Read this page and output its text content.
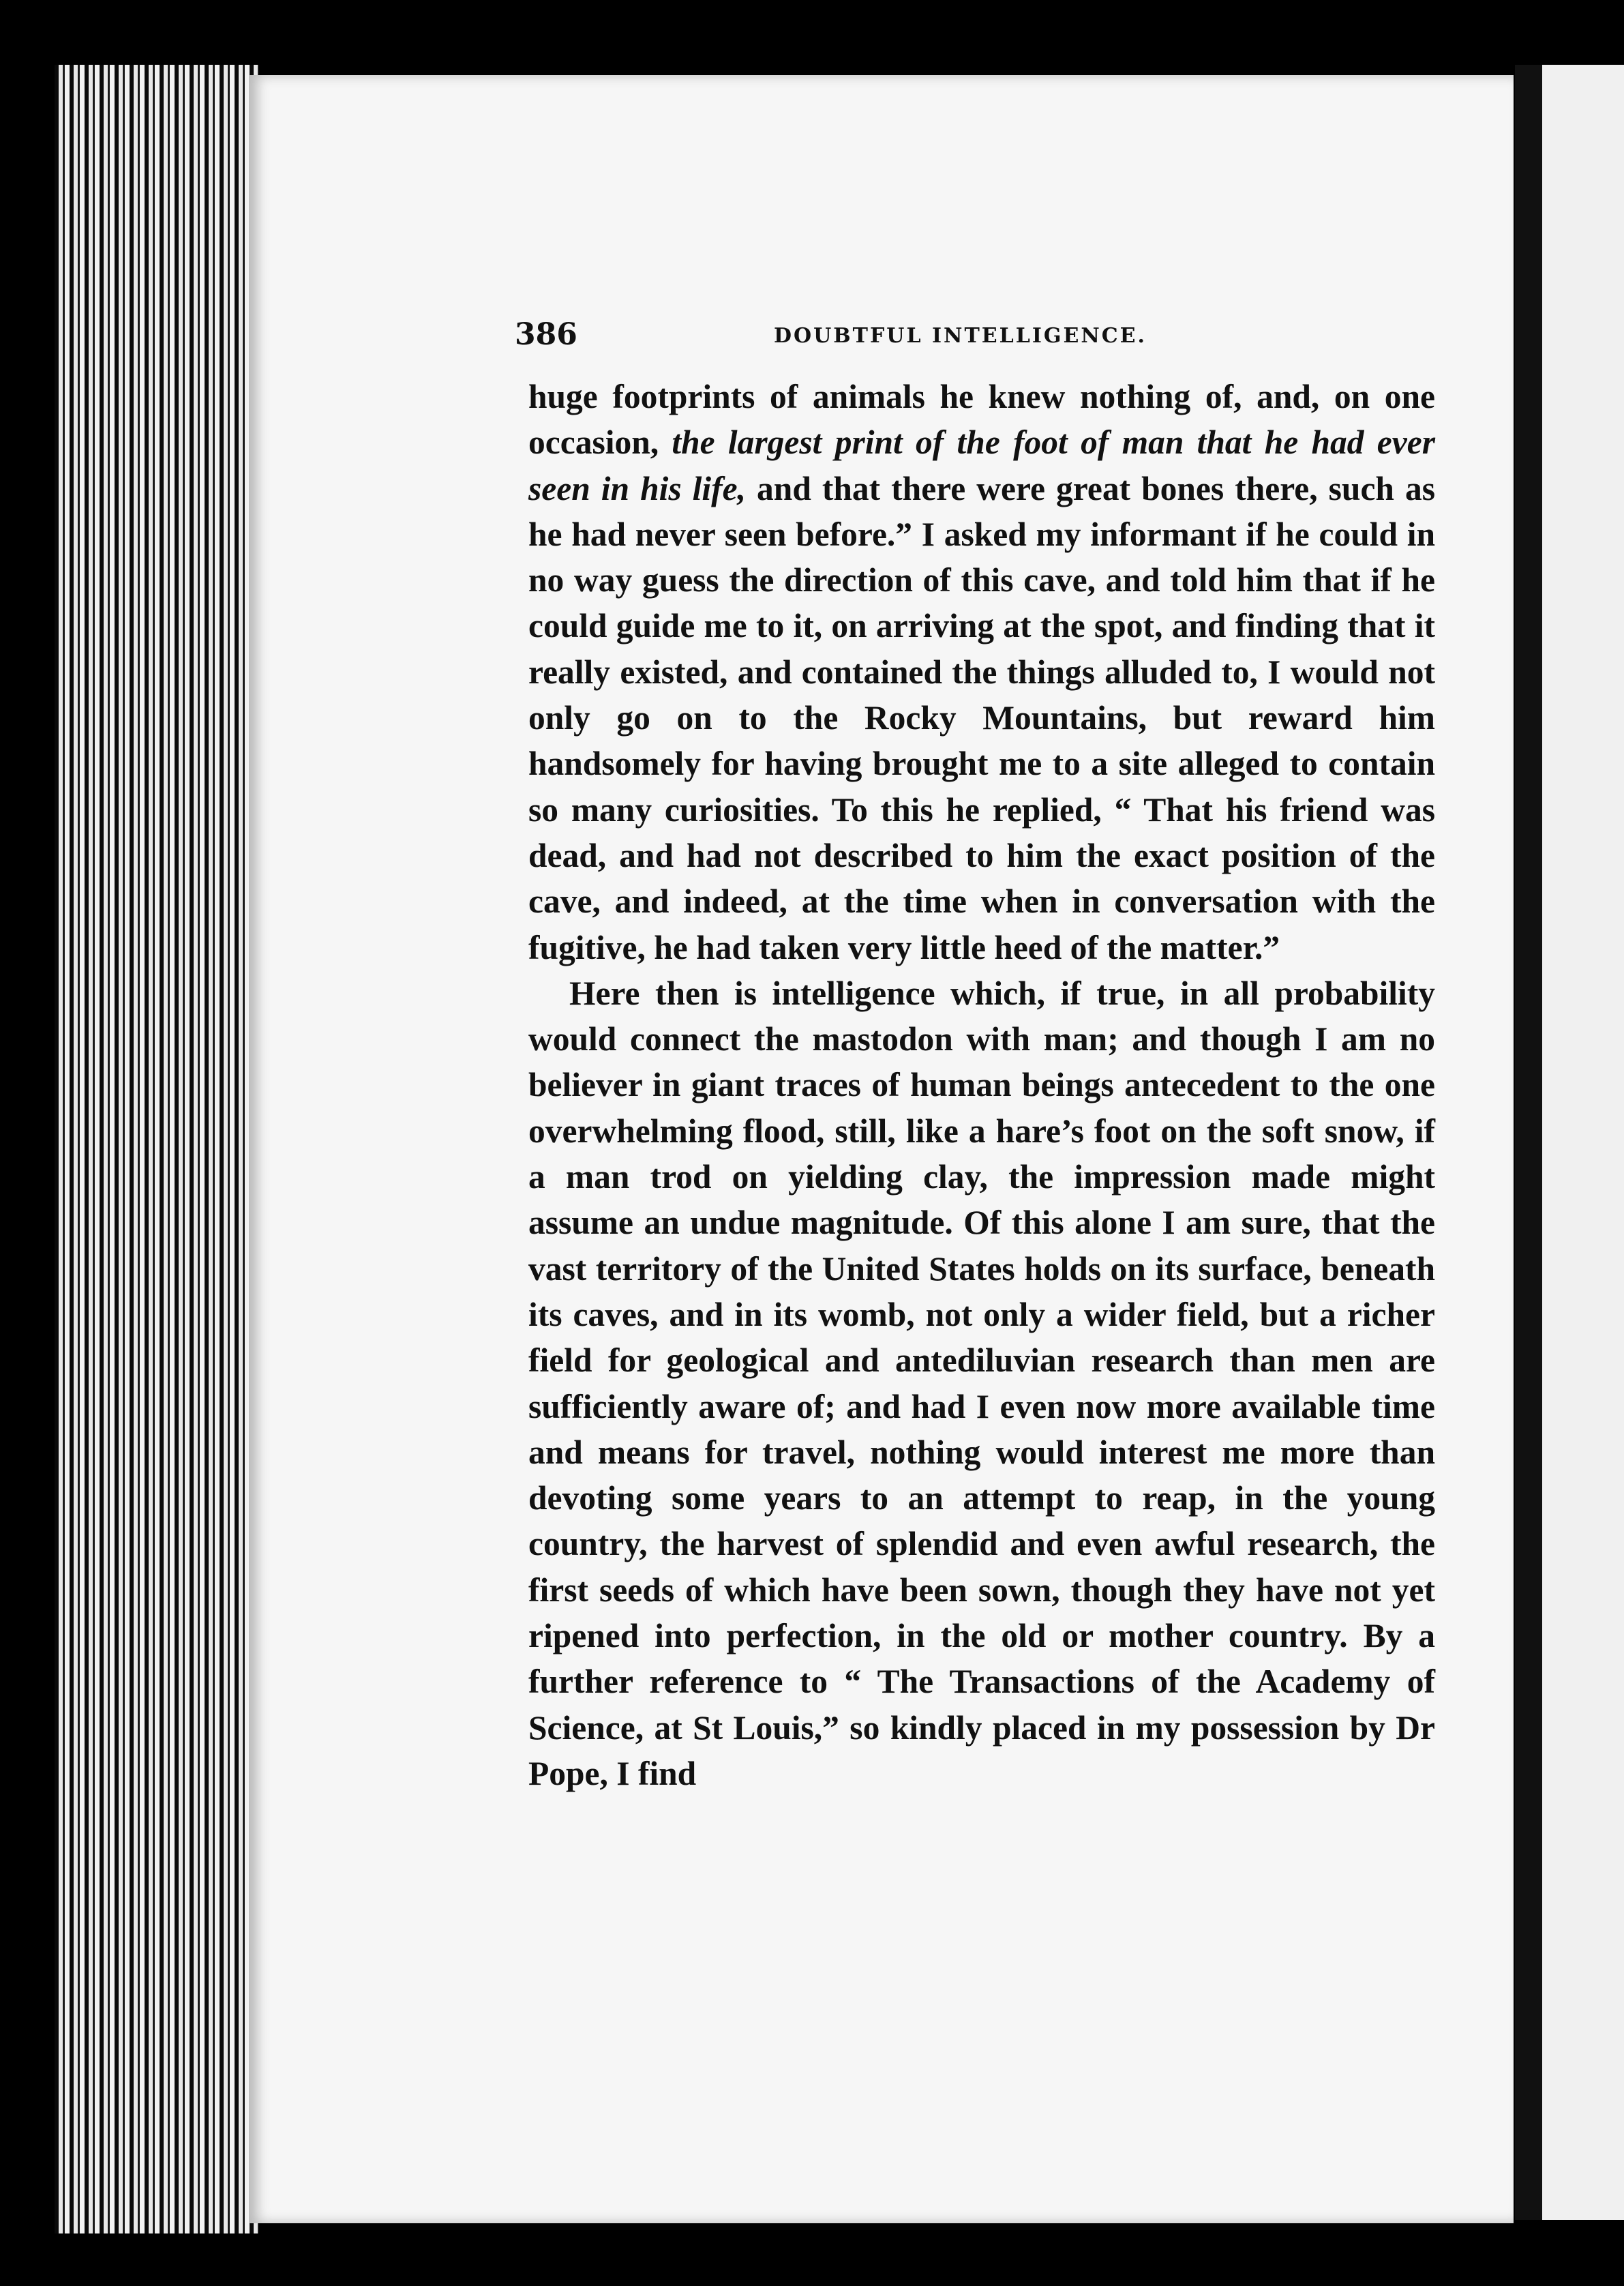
386	DOUBTFUL INTELLIGENCE.

huge footprints of animals he knew nothing of, and, on one occasion, the largest print of the foot of man that he had ever seen in his life, and that there were great bones there, such as he had never seen before.” I asked my informant if he could in no way guess the direction of this cave, and told him that if he could guide me to it, on arriving at the spot, and finding that it really existed, and contained the things alluded to, I would not only go on to the Rocky Mountains, but reward him handsomely for having brought me to a site alleged to contain so many curiosities. To this he replied, “ That his friend was dead, and had not described to him the exact position of the cave, and indeed, at the time when in conversation with the fugitive, he had taken very little heed of the matter.”

Here then is intelligence which, if true, in all probability would connect the mastodon with man; and though I am no believer in giant traces of human beings antecedent to the one overwhelming flood, still, like a hare’s foot on the soft snow, if a man trod on yielding clay, the impression made might assume an undue magnitude. Of this alone I am sure, that the vast territory of the United States holds on its surface, beneath its caves, and in its womb, not only a wider field, but a richer field for geological and antediluvian research than men are sufficiently aware of; and had I even now more available time and means for travel, nothing would interest me more than devoting some years to an attempt to reap, in the young country, the harvest of splendid and even awful research, the first seeds of which have been sown, though they have not yet ripened into perfection, in the old or mother country. By a further reference to “ The Transactions of the Academy of Science, at St Louis,” so kindly placed in my possession by Dr Pope, I find
